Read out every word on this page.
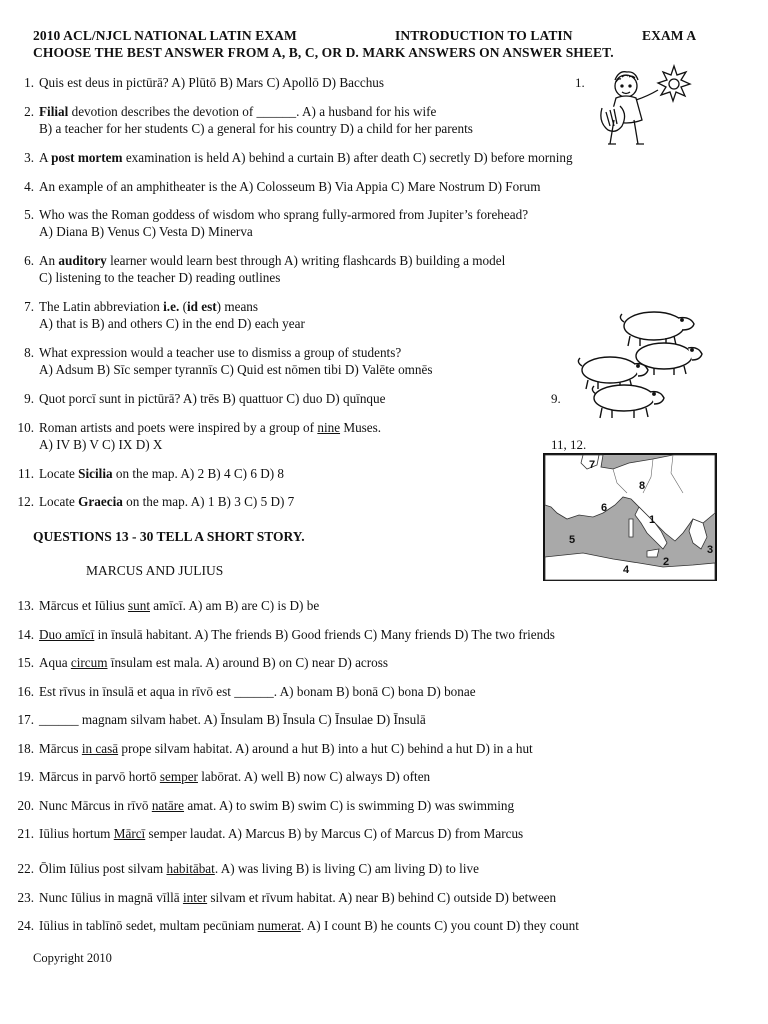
2010 ACL/NJCL NATIONAL LATIN EXAM	INTRODUCTION TO LATIN	EXAM A
CHOOSE THE BEST ANSWER FROM A, B, C, OR D. MARK ANSWERS ON ANSWER SHEET.
1. Quis est deus in pictūrā? A) Plūtō B) Mars C) Apollō D) Bacchus
2. Filial devotion describes the devotion of ______. A) a husband for his wife
B) a teacher for her students C) a general for his country D) a child for her parents
3. A post mortem examination is held A) behind a curtain B) after death C) secretly D) before morning
4. An example of an amphitheater is the A) Colosseum B) Via Appia C) Mare Nostrum D) Forum
5. Who was the Roman goddess of wisdom who sprang fully-armored from Jupiter’s forehead?
A) Diana B) Venus C) Vesta D) Minerva
6. An auditory learner would learn best through A) writing flashcards B) building a model
C) listening to the teacher D) reading outlines
7. The Latin abbreviation i.e. (id est) means
A) that is B) and others C) in the end D) each year
8. What expression would a teacher use to dismiss a group of students?
A) Adsum B) Sīc semper tyrannīs C) Quid est nōmen tibi D) Valēte omnēs
9. Quot porcī sunt in pictūrā? A) trēs B) quattuor C) duo D) quīnque
10. Roman artists and poets were inspired by a group of nine Muses.
A) IV B) V C) IX D) X
11. Locate Sicilia on the map. A) 2 B) 4 C) 6 D) 8
12. Locate Graecia on the map. A) 1 B) 3 C) 5 D) 7
QUESTIONS 13 - 30 TELL A SHORT STORY.
MARCUS AND JULIUS
13. Mārcus et Iūlius sunt amīcī. A) am B) are C) is D) be
14. Duo amīcī in īnsulā habitant. A) The friends B) Good friends C) Many friends D) The two friends
15. Aqua circum īnsulam est mala. A) around B) on C) near D) across
16. Est rīvus in īnsulā et aqua in rīvō est ______. A) bonam B) bonā C) bona D) bonae
17. ______ magnam silvam habet. A) Īnsulam B) Īnsula C) Īnsulae D) Īnsulā
18. Mārcus in casā prope silvam habitat. A) around a hut B) into a hut C) behind a hut D) in a hut
19. Mārcus in parvō hortō semper labōrat. A) well B) now C) always D) often
20. Nunc Mārcus in rīvō natāre amat. A) to swim B) swim C) is swimming D) was swimming
21. Iūlius hortum Mārcī semper laudat. A) Marcus B) by Marcus C) of Marcus D) from Marcus
22. Ōlim Iūlius post silvam habitābat. A) was living B) is living C) am living D) to live
23. Nunc Iūlius in magnā vīllā inter silvam et rīvum habitat. A) near B) behind C) outside D) between
24. Iūlius in tablīnō sedet, multam pecūniam numerat. A) I count B) he counts C) you count D) they count
Copyright 2010
1.
9.
11, 12.
7
8
6
1
5
3
4
2
